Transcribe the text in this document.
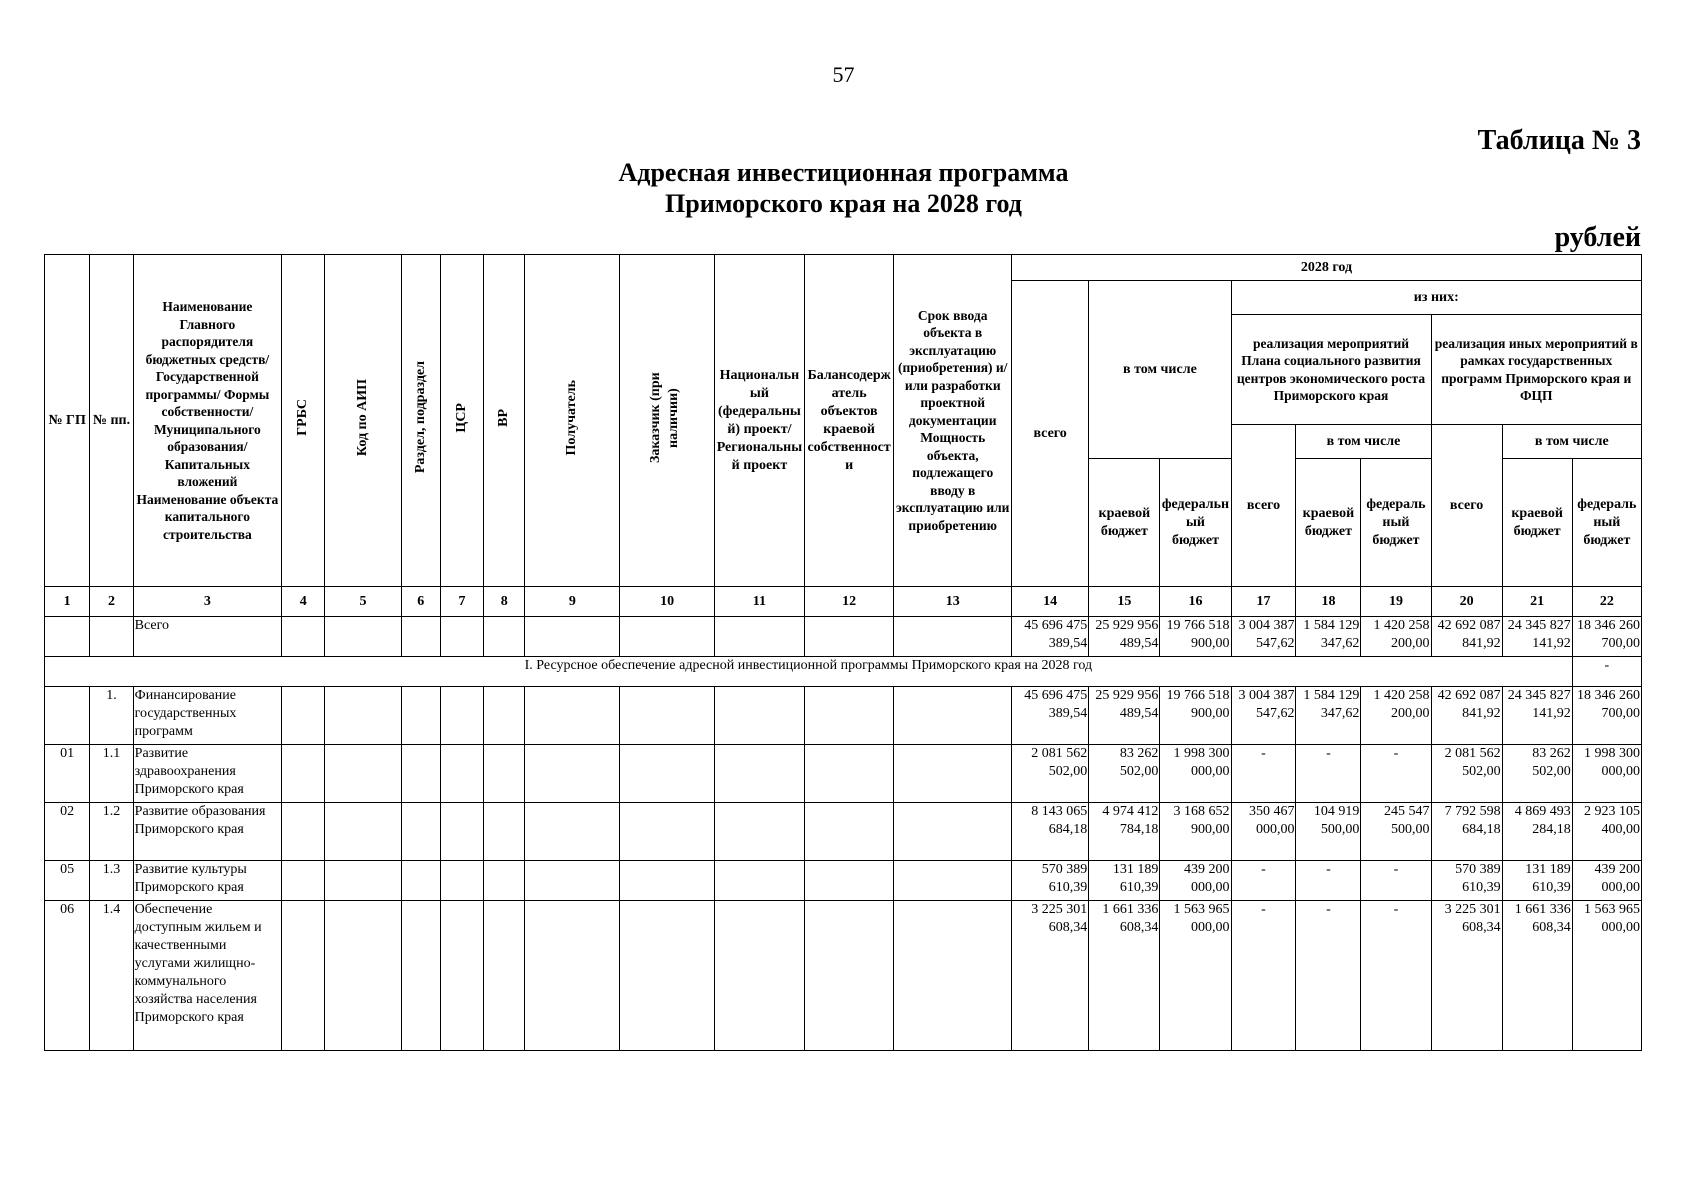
57
Таблица № 3
Адресная инвестиционная программа
Приморского края на 2028 год
рублей
№ ГП	№ пп.	Наименование Главного распорядителя бюджетных средств/Государственной программы/ Формы собственности/Муниципального образования/Капитальных вложений Наименование объекта капитального строительства	ГРБС	Код по АИП	Раздел, подраздел	ЦСР	ВР	Получатель	Заказчик (при наличии)	Национальный (федеральный) проект/ Региональный проект	Балансодержатель объектов краевой собственности	Срок ввода объекта в эксплуатацию (приобретения) и/или разработки проектной документации Мощность объекта, подлежащего вводу в эксплуатацию или приобретению	2028 год								
													всего	в том числе		из них:					
																реализация мероприятий Плана социального развития центров экономического роста Приморского края			реализация иных мероприятий в рамках государственных программ Приморского края и ФЦП		
																всего	в том числе		всего	в том числе	
														краевой бюджет	федеральный бюджет		краевой бюджет	федеральный бюджет		краевой бюджет	федеральный бюджет
1	2	3	4	5	6	7	8	9	10	11	12	13	14	15	16	17	18	19	20	21	22
		Всего											45 696 475 389,54	25 929 956 489,54	19 766 518 900,00	3 004 387 547,62	1 584 129 347,62	1 420 258 200,00	42 692 087 841,92	24 345 827 141,92	18 346 260 700,00
I. Ресурсное обеспечение адресной инвестиционной программы Приморского края на 2028 год																					-
	1.	Финансирование государственных программ											45 696 475 389,54	25 929 956 489,54	19 766 518 900,00	3 004 387 547,62	1 584 129 347,62	1 420 258 200,00	42 692 087 841,92	24 345 827 141,92	18 346 260 700,00
01	1.1	Развитие здравоохранения Приморского края											2 081 562 502,00	83 262 502,00	1 998 300 000,00	-	-	-	2 081 562 502,00	83 262 502,00	1 998 300 000,00
02	1.2	Развитие образования Приморского края											8 143 065 684,18	4 974 412 784,18	3 168 652 900,00	350 467 000,00	104 919 500,00	245 547 500,00	7 792 598 684,18	4 869 493 284,18	2 923 105 400,00
05	1.3	Развитие культуры Приморского края											570 389 610,39	131 189 610,39	439 200 000,00	-	-	-	570 389 610,39	131 189 610,39	439 200 000,00
06	1.4	Обеспечение доступным жильем и качественными услугами жилищно-коммунального хозяйства населения Приморского края											3 225 301 608,34	1 661 336 608,34	1 563 965 000,00	-	-	-	3 225 301 608,34	1 661 336 608,34	1 563 965 000,00
